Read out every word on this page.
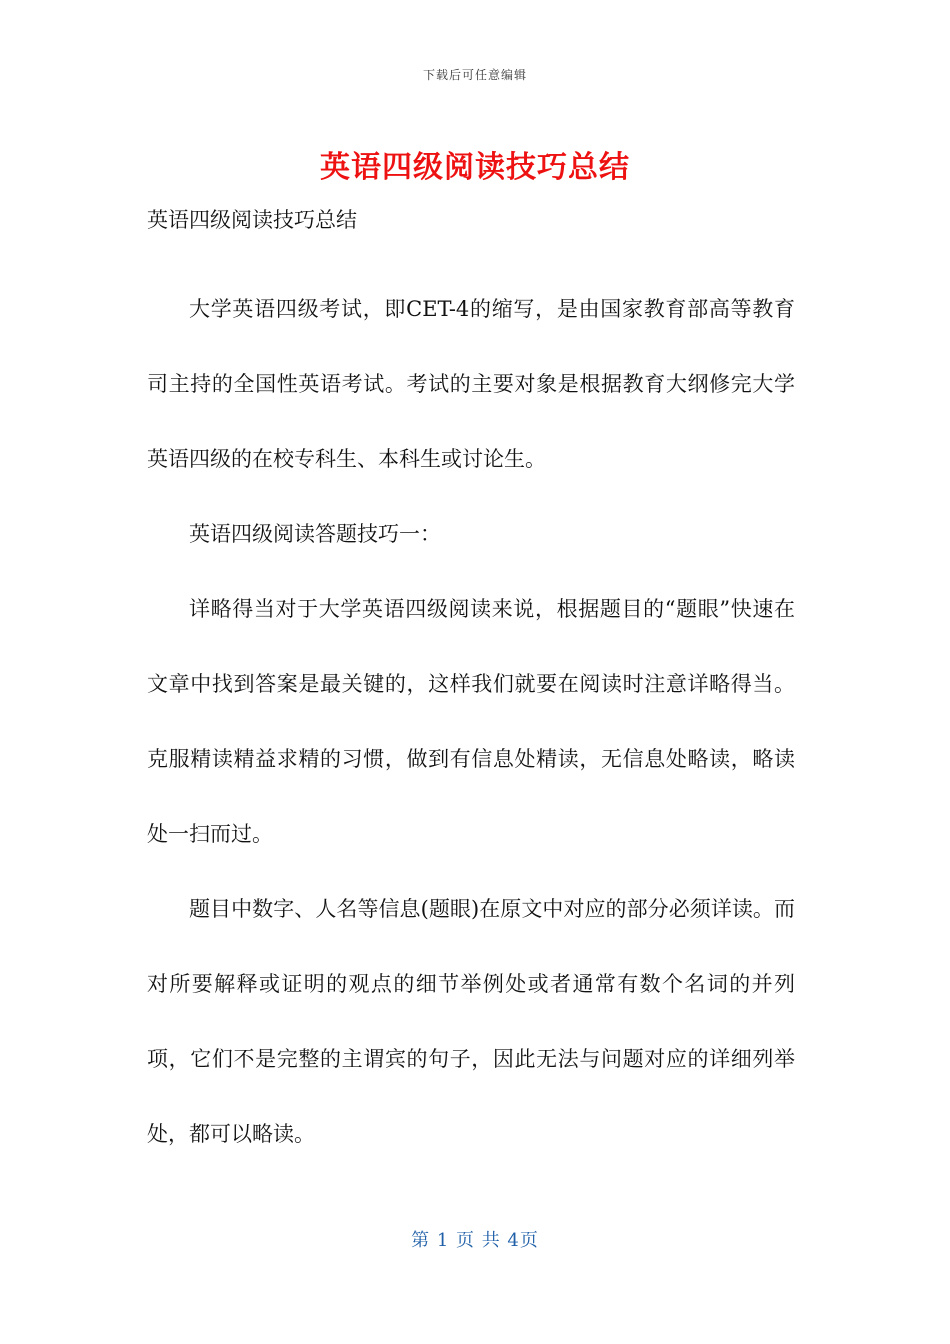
下载后可任意编辑
英语四级阅读技巧总结
英语四级阅读技巧总结

大学英语四级考试，即CET-4的缩写，是由国家教育部高等教育司主持的全国性英语考试。考试的主要对象是根据教育大纲修完大学英语四级的在校专科生、本科生或讨论生。

英语四级阅读答题技巧一：

详略得当对于大学英语四级阅读来说，根据题目的“题眼”快速在文章中找到答案是最关键的，这样我们就要在阅读时注意详略得当。克服精读精益求精的习惯，做到有信息处精读，无信息处略读，略读处一扫而过。

题目中数字、人名等信息(题眼)在原文中对应的部分必须详读。而对所要解释或证明的观点的细节举例处或者通常有数个名词的并列项，它们不是完整的主谓宾的句子，因此无法与问题对应的详细列举处，都可以略读。

第 1 页 共 4页
